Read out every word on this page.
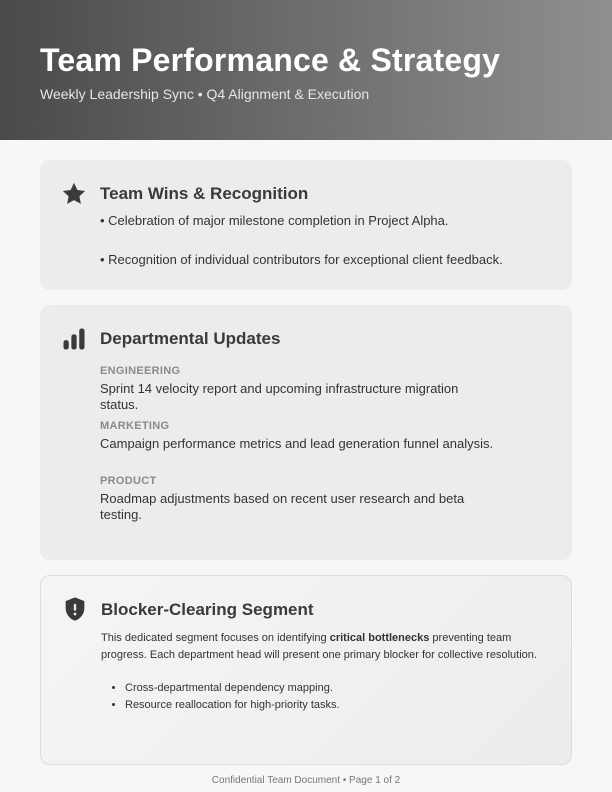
Team Performance & Strategy
Weekly Leadership Sync • Q4 Alignment & Execution
Team Wins & Recognition
• Celebration of major milestone completion in Project Alpha.
• Recognition of individual contributors for exceptional client feedback.
Departmental Updates
ENGINEERING
Sprint 14 velocity report and upcoming infrastructure migration status.
MARKETING
Campaign performance metrics and lead generation funnel analysis.
PRODUCT
Roadmap adjustments based on recent user research and beta testing.
Blocker-Clearing Segment
This dedicated segment focuses on identifying critical bottlenecks preventing team progress. Each department head will present one primary blocker for collective resolution.
• Cross-departmental dependency mapping.
• Resource reallocation for high-priority tasks.
Confidential Team Document • Page 1 of 2
